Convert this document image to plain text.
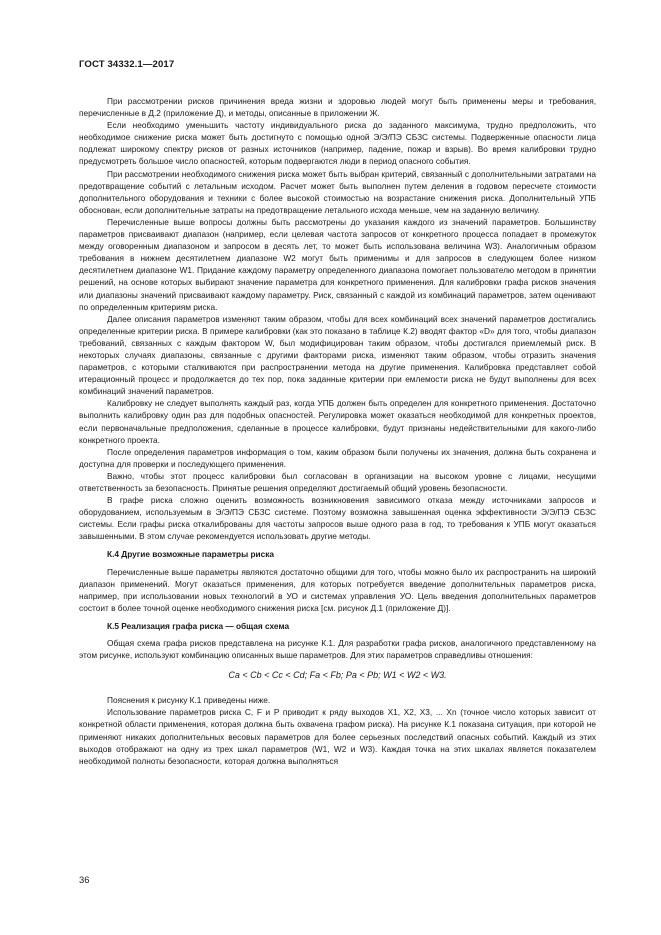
ГОСТ 34332.1—2017

При рассмотрении рисков причинения вреда жизни и здоровью людей могут быть применены меры и требования, перечисленные в Д.2 (приложение Д), и методы, описанные в приложении Ж.

Если необходимо уменьшить частоту индивидуального риска до заданного максимума, трудно предположить, что необходимое снижение риска может быть достигнуто с помощью одной Э/Э/ПЭ СБЗС системы. Подверженные опасности лица подлежат широкому спектру рисков от разных источников (например, падение, пожар и взрыв). Во время калибровки трудно предусмотреть большое число опасностей, которым подвергаются люди в период опасного события.

При рассмотрении необходимого снижения риска может быть выбран критерий, связанный с дополнительными затратами на предотвращение событий с летальным исходом. Расчет может быть выполнен путем деления в годовом пересчете стоимости дополнительного оборудования и техники с более высокой стоимостью на возрастание снижения риска. Дополнительный УПБ обоснован, если дополнительные затраты на предотвращение летального исхода меньше, чем на заданную величину.

Перечисленные выше вопросы должны быть рассмотрены до указания каждого из значений параметров. Большинству параметров присваивают диапазон (например, если целевая частота запросов от конкретного процесса попадает в промежуток между оговоренным диапазоном и запросом в десять лет, то может быть использована величина W3). Аналогичным образом требования в нижнем десятилетнем диапазоне W2 могут быть применимы и для запросов в следующем более низком десятилетнем диапазоне W1. Придание каждому параметру определенного диапазона помогает пользователю методом в принятии решений, на основе которых выбирают значение параметра для конкретного применения. Для калибровки графа рисков значения или диапазоны значений присваивают каждому параметру. Риск, связанный с каждой из комбинаций параметров, затем оценивают по определенным критериям риска.

Далее описания параметров изменяют таким образом, чтобы для всех комбинаций всех значений параметров достигались определенные критерии риска. В примере калибровки (как это показано в таблице К.2) вводят фактор «D» для того, чтобы диапазон требований, связанных с каждым фактором W, был модифицирован таким образом, чтобы достигался приемлемый риск. В некоторых случаях диапазоны, связанные с другими факторами риска, изменяют таким образом, чтобы отразить значения параметров, с которыми сталкиваются при распространении метода на другие применения. Калибровка представляет собой итерационный процесс и продолжается до тех пор, пока заданные критерии при емлемости риска не будут выполнены для всех комбинаций значений параметров.

Калибровку не следует выполнять каждый раз, когда УПБ должен быть определен для конкретного применения. Достаточно выполнить калибровку один раз для подобных опасностей. Регулировка может оказаться необходимой для конкретных проектов, если первоначальные предположения, сделанные в процессе калибровки, будут признаны недействительными для какого-либо конкретного проекта.

После определения параметров информация о том, каким образом были получены их значения, должна быть сохранена и доступна для проверки и последующего применения.

Важно, чтобы этот процесс калибровки был согласован в организации на высоком уровне с лицами, несущими ответственность за безопасность. Принятые решения определяют достигаемый общий уровень безопасности.

В графе риска сложно оценить возможность возникновения зависимого отказа между источниками запросов и оборудованием, используемым в Э/Э/ПЭ СБЗС системе. Поэтому возможна завышенная оценка эффективности Э/Э/ПЭ СБЗС системы. Если графы риска откалиброваны для частоты запросов выше одного раза в год, то требования к УПБ могут оказаться завышенными. В этом случае рекомендуется использовать другие методы.

К.4 Другие возможные параметры риска

Перечисленные выше параметры являются достаточно общими для того, чтобы можно было их распространить на широкий диапазон применений. Могут оказаться применения, для которых потребуется введение дополнительных параметров риска, например, при использовании новых технологий в УО и системах управления УО. Цель введения дополнительных параметров состоит в более точной оценке необходимого снижения риска [см. рисунок Д.1 (приложение Д)].

К.5 Реализация графа риска — общая схема

Общая схема графа рисков представлена на рисунке К.1. Для разработки графа рисков, аналогичного представленному на этом рисунке, используют комбинацию описанных выше параметров. Для этих параметров справедливы отношения:

Ca < Cb < Cc < Cd; Fa < Fb; Pa < Pb; W1 < W2 < W3.

Пояснения к рисунку К.1 приведены ниже.

Использование параметров риска C, F и P приводит к ряду выходов X1, X2, X3, ... Xn (точное число которых зависит от конкретной области применения, которая должна быть охвачена графом риска). На рисунке К.1 показана ситуация, при которой не применяют никаких дополнительных весовых параметров для более серьезных последствий опасных событий. Каждый из этих выходов отображают на одну из трех шкал параметров (W1, W2 и W3). Каждая точка на этих шкалах является показателем необходимой полноты безопасности, которая должна выполняться

36
